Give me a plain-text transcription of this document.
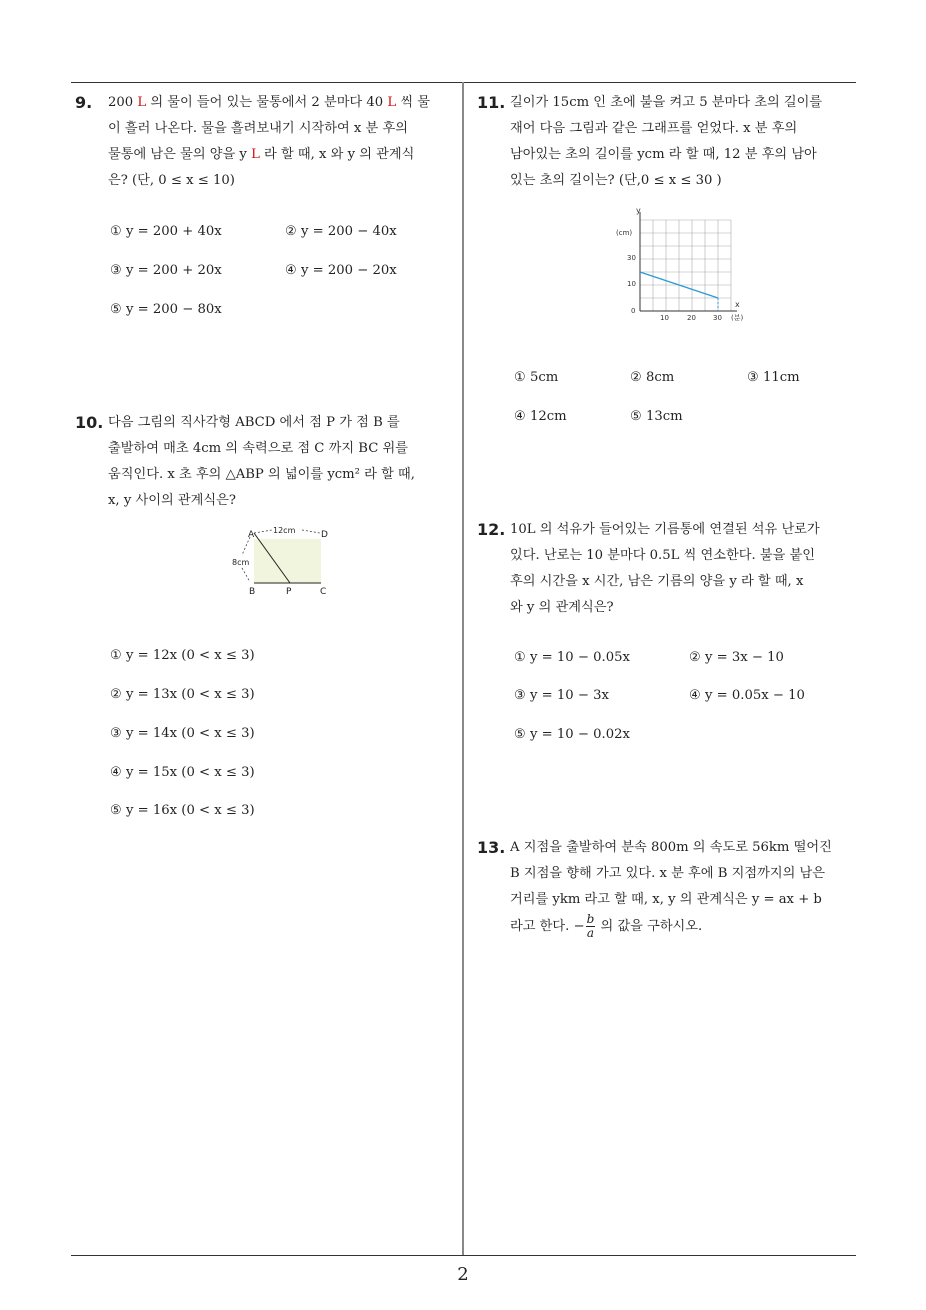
2
9. 200 L 의 물이 들어 있는 물통에서 2 분마다 40 L 씩 물
이 흘러 나온다. 물을 흘려보내기 시작하여 x 분 후의
물통에 남은 물의 양을 y L 라 할 때, x 와 y 의 관계식
은? (단, 0 ≤ x ≤ 10)
① y = 200 + 40x	② y = 200 − 40x
③ y = 200 + 20x	④ y = 200 − 20x
⑤ y = 200 − 80x
10. 다음 그림의 직사각형 ABCD 에서 점 P 가 점 B 를
출발하여 매초 4cm 의 속력으로 점 C 까지 BC 위를
움직인다. x 초 후의 △ABP 의 넓이를 ycm² 라 할 때,
x, y 사이의 관계식은?
A	D
B	P	C
12cm
8cm
① y = 12x (0 < x ≤ 3)
② y = 13x (0 < x ≤ 3)
③ y = 14x (0 < x ≤ 3)
④ y = 15x (0 < x ≤ 3)
⑤ y = 16x (0 < x ≤ 3)
11. 길이가 15cm 인 초에 불을 켜고 5 분마다 초의 길이를
재어 다음 그림과 같은 그래프를 얻었다. x 분 후의
남아있는 초의 길이를 ycm 라 할 때, 12 분 후의 남아
있는 초의 길이는? (단,0 ≤ x ≤ 30 )
y
(cm)
x
(분)
30
10
0
10	20 30
① 5cm	② 8cm	③ 11cm
④ 12cm	⑤ 13cm
12. 10L 의 석유가 들어있는 기름통에 연결된 석유 난로가
있다. 난로는 10 분마다 0.5L 씩 연소한다. 불을 붙인
후의 시간을 x 시간, 남은 기름의 양을 y 라 할 때, x
와 y 의 관계식은?
① y = 10 − 0.05x	② y = 3x − 10
③ y = 10 − 3x	④ y = 0.05x − 10
⑤ y = 10 − 0.02x
13. A 지점을 출발하여 분속 800m 의 속도로 56km 떨어진
B 지점을 향해 가고 있다. x 분 후에 B 지점까지의 남은
거리를 ykm 라고 할 때, x, y 의 관계식은 y = ax + b
라고 한다. − $\frac{b}{a}$ 의 값을 구하시오.
